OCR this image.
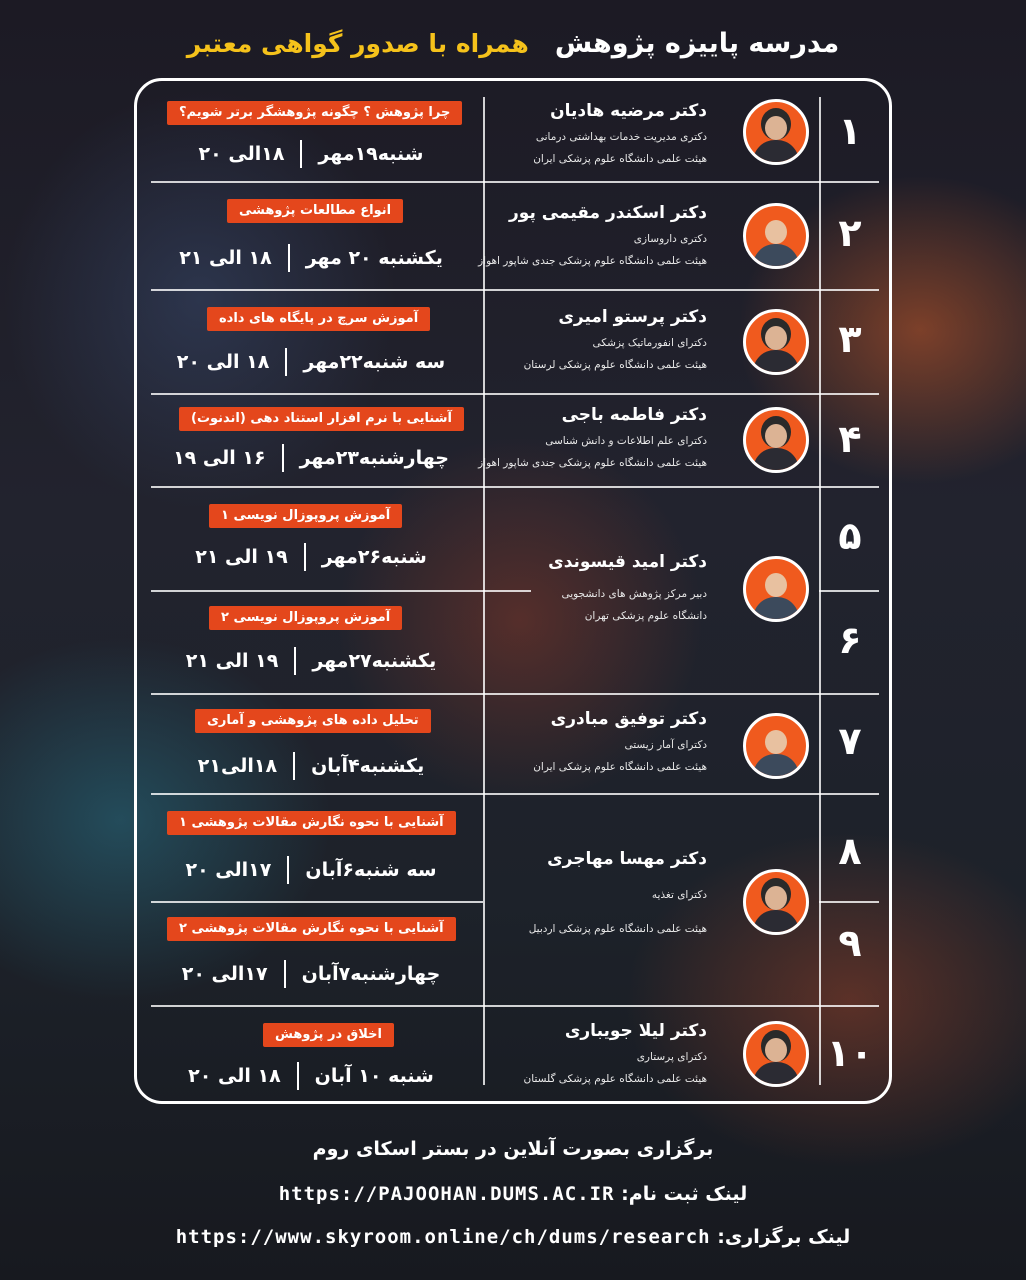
مدرسه پاییزه پژوهش
همراه با صدور گواهی معتبر
۱
دکتر مرضیه هادیان
دکتری مدیریت خدمات بهداشتی درمانی
هیئت علمی دانشگاه علوم پزشکی ایران
چرا پژوهش ؟ چگونه پژوهشگر برتر شویم؟
شنبه۱۹مهر
۱۸الی ۲۰
۲
دکتر اسکندر مقیمی پور
دکتری داروسازی
هیئت علمی دانشگاه علوم پزشکی جندی شاپور اهواز
انواع مطالعات پژوهشی
یکشنبه ۲۰ مهر
۱۸ الی ۲۱
۳
دکتر پرستو امیری
دکترای انفورماتیک پزشکی
هیئت علمی دانشگاه علوم پزشکی لرستان
آموزش سرچ در پایگاه های داده
سه شنبه۲۲مهر
۱۸ الی ۲۰
۴
دکتر فاطمه باجی
دکترای علم اطلاعات و دانش شناسی
هیئت علمی دانشگاه علوم پزشکی جندی شاپور اهواز
آشنایی با نرم افزار استناد دهی (اندنوت)
چهارشنبه۲۳مهر
۱۶ الی ۱۹
۵
۶
دکتر امید قیسوندی
دبیر مرکز پژوهش های دانشجویی
دانشگاه علوم پزشکی تهران
آموزش پروپوزال نویسی ۱
شنبه۲۶مهر
۱۹ الی ۲۱
آموزش پروپوزال نویسی ۲
یکشنبه۲۷مهر
۱۹ الی ۲۱
۷
دکتر توفیق مبادری
دکترای آمار زیستی
هیئت علمی دانشگاه علوم پزشکی ایران
تحلیل داده های پژوهشی و آماری
یکشنبه۴آبان
۱۸الی۲۱
۸
۹
دکتر مهسا مهاجری
دکترای تغذیه
هیئت علمی دانشگاه علوم پزشکی اردبیل
آشنایی با نحوه نگارش مقالات پژوهشی ۱
سه شنبه۶آبان
۱۷الی ۲۰
آشنایی با نحوه نگارش مقالات پژوهشی ۲
چهارشنبه۷آبان
۱۷الی ۲۰
۱۰
دکتر لیلا جویباری
دکترای پرستاری
هیئت علمی دانشگاه علوم پزشکی گلستان
اخلاق در پژوهش
شنبه ۱۰ آبان
۱۸ الی ۲۰
برگزاری بصورت آنلاین در بستر اسکای روم
لینک ثبت نام: https://PAJOOHAN.DUMS.AC.IR
لینک برگزاری: https://www.skyroom.online/ch/dums/research
